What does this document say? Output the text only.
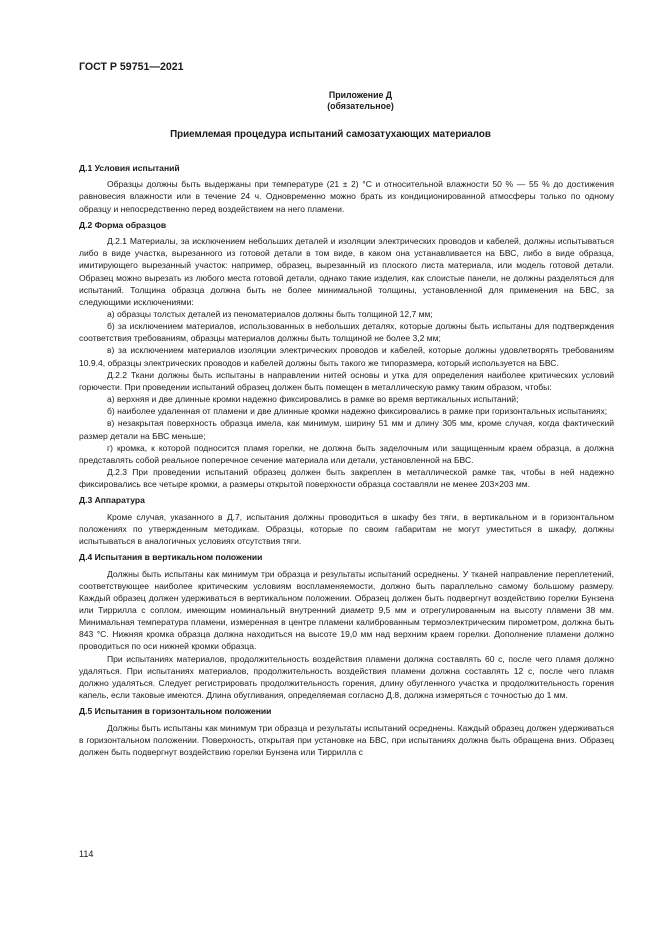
ГОСТ Р 59751—2021
Приложение Д
(обязательное)
Приемлемая процедура испытаний самозатухающих материалов
Д.1 Условия испытаний

Образцы должны быть выдержаны при температуре (21 ± 2) °С и относительной влажности 50 % — 55 % до достижения равновесия влажности или в течение 24 ч. Одновременно можно брать из кондиционированной атмосферы только по одному образцу и непосредственно перед воздействием на него пламени.

Д.2 Форма образцов

Д.2.1 Материалы, за исключением небольших деталей и изоляции электрических проводов и кабелей, должны испытываться либо в виде участка, вырезанного из готовой детали в том виде, в каком она устанавливается на БВС, либо в виде образца, имитирующего вырезанный участок: например, образец, вырезанный из плоского листа материала, или модель готовой детали. Образец можно вырезать из любого места готовой детали, однако такие изделия, как слоистые панели, не должны разделяться для испытаний. Толщина образца должна быть не более минимальной толщины, установленной для применения на БВС, за следующими исключениями:

а) образцы толстых деталей из пеноматериалов должны быть толщиной 12,7 мм;

б) за исключением материалов, использованных в небольших деталях, которые должны быть испытаны для подтверждения соответствия требованиям, образцы материалов должны быть толщиной не более 3,2 мм;

в) за исключением материалов изоляции электрических проводов и кабелей, которые должны удовлетворять требованиям 10.9.4, образцы электрических проводов и кабелей должны быть такого же типоразмера, который используется на БВС.

Д.2.2 Ткани должны быть испытаны в направлении нитей основы и утка для определения наиболее критических условий горючести. При проведении испытаний образец должен быть помещен в металлическую рамку таким образом, чтобы:

а) верхняя и две длинные кромки надежно фиксировались в рамке во время вертикальных испытаний;

б) наиболее удаленная от пламени и две длинные кромки надежно фиксировались в рамке при горизонтальных испытаниях;

в) незакрытая поверхность образца имела, как минимум, ширину 51 мм и длину 305 мм, кроме случая, когда фактический размер детали на БВС меньше;

г) кромка, к которой подносится пламя горелки, не должна быть заделочным или защищенным краем образца, а должна представлять собой реальное поперечное сечение материала или детали, установленной на БВС.

Д.2.3 При проведении испытаний образец должен быть закреплен в металлической рамке так, чтобы в ней надежно фиксировались все четыре кромки, а размеры открытой поверхности образца составляли не менее 203×203 мм.

Д.3 Аппаратура

Кроме случая, указанного в Д.7, испытания должны проводиться в шкафу без тяги, в вертикальном и в горизонтальном положениях по утвержденным методикам. Образцы, которые по своим габаритам не могут уместиться в шкафу, должны испытываться в аналогичных условиях отсутствия тяги.

Д.4 Испытания в вертикальном положении

Должны быть испытаны как минимум три образца и результаты испытаний осреднены. У тканей направление переплетений, соответствующее наиболее критическим условиям воспламеняемости, должно быть параллельно самому большому размеру. Каждый образец должен удерживаться в вертикальном положении. Образец должен быть подвергнут воздействию горелки Бунзена или Тиррилла с соплом, имеющим номинальный внутренний диаметр 9,5 мм и отрегулированным на высоту пламени 38 мм. Минимальная температура пламени, измеренная в центре пламени калиброванным термоэлектрическим пирометром, должна быть 843 °С. Нижняя кромка образца должна находиться на высоте 19,0 мм над верхним краем горелки. Дополнение пламени должно проводиться по оси нижней кромки образца.

При испытаниях материалов, продолжительность воздействия пламени должна составлять 60 с, после чего пламя должно удаляться. При испытаниях материалов, продолжительность воздействия пламени должна составлять 12 с, после чего пламя должно удаляться. Следует регистрировать продолжительность горения, длину обугленного участка и продолжительность горения капель, если таковые имеются. Длина обугливания, определяемая согласно Д.8, должна измеряться с точностью до 1 мм.

Д.5 Испытания в горизонтальном положении

Должны быть испытаны как минимум три образца и результаты испытаний осреднены. Каждый образец должен удерживаться в горизонтальном положении. Поверхность, открытая при установке на БВС, при испытаниях должна быть обращена вниз. Образец должен быть подвергнут воздействию горелки Бунзена или Тиррилла с

114
